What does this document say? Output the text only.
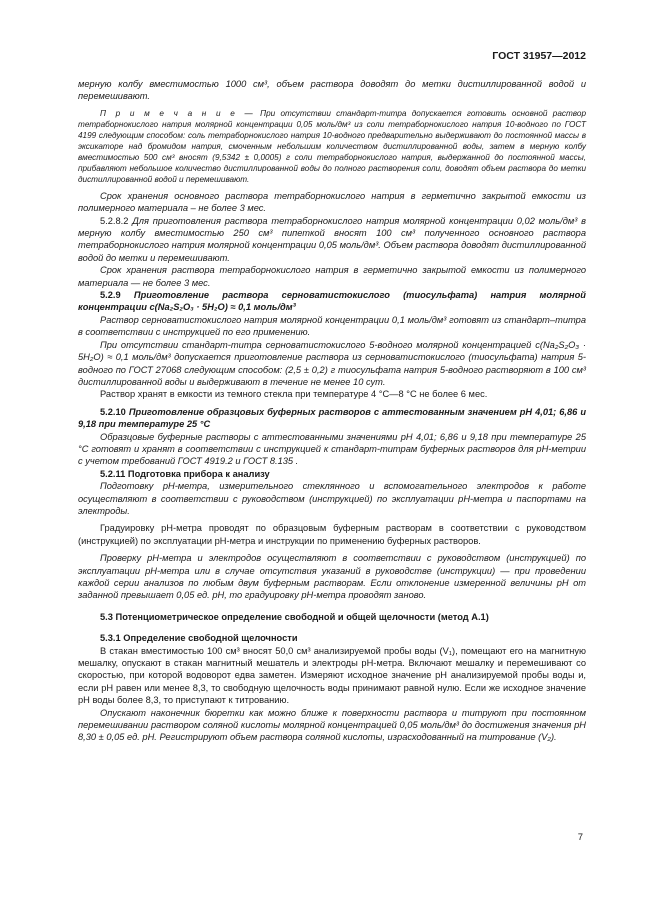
ГОСТ 31957—2012

мерную колбу вместимостью 1000 см³, объем раствора доводят до метки дистиллированной водой и перемешивают.

П р и м е ч а н и е — При отсутствии стандарт-титра допускается готовить основной раствор тетраборнокислого натрия молярной концентрации 0,05 моль/дм³ из соли тетраборнокислого натрия 10-водного по ГОСТ 4199 следующим способом: соль тетраборнокислого натрия 10-водного предварительно выдерживают до постоянной массы в эксикаторе над бромидом натрия, смоченным небольшим количеством дистиллированной воды, затем в мерную колбу вместимостью 500 см³ вносят (9,5342 ± 0,0005) г соли тетраборнокислого натрия, выдержанной до постоянной массы, прибавляют небольшое количество дистиллированной воды до полного растворения соли, доводят объем раствора до метки дистиллированной водой и перемешивают.

Срок хранения основного раствора тетраборнокислого натрия в герметично закрытой емкости из полимерного материала – не более 3 мес.

5.2.8.2 Для приготовления раствора тетраборнокислого натрия молярной концентрации 0,02 моль/дм³ в мерную колбу вместимостью 250 см³ пипеткой вносят 100 см³ полученного основного раствора тетраборнокислого натрия молярной концентрации 0,05 моль/дм³. Объем раствора доводят дистиллированной водой до метки и перемешивают.

Срок хранения раствора тетраборнокислого натрия в герметично закрытой емкости из полимерного материала — не более 3 мес.

5.2.9 Приготовление раствора серноватистокислого (тиосульфата) натрия молярной концентрации c(Na₂S₂O₃ · 5H₂O) ≈ 0,1 моль/дм³

Раствор серноватистокислого натрия молярной концентрации 0,1 моль/дм³ готовят из стандарт–титра в соответствии с инструкцией по его применению.

При отсутствии стандарт-титра серноватистокислого 5-водного молярной концентрацией c(Na₂S₂O₃ · 5H₂O) ≈ 0,1 моль/дм³ допускается приготовление раствора из серноватистокислого (тиосульфата) натрия 5-водного по ГОСТ 27068 следующим способом: (2,5 ± 0,2) г тиосульфата натрия 5-водного растворяют в 100 см³ дистиллированной воды и выдерживают в течение не менее 10 сут.

Раствор хранят в емкости из темного стекла при температуре 4 °С—8 °С не более 6 мес.

5.2.10 Приготовление образцовых буферных растворов с аттестованным значением рН 4,01; 6,86 и 9,18 при температуре 25 °С

Образцовые буферные растворы с аттестованными значениями рН 4,01; 6,86 и 9,18 при температуре 25 °С готовят и хранят в соответствии с инструкцией к стандарт-титрам буферных растворов для рН-метрии с учетом требований ГОСТ 4919.2 и ГОСТ 8.135 .

5.2.11 Подготовка прибора к анализу

Подготовку рН-метра, измерительного стеклянного и вспомогательного электродов к работе осуществляют в соответствии с руководством (инструкцией) по эксплуатации рН-метра и паспортами на электроды.

Градуировку рН-метра проводят по образцовым буферным растворам в соответствии с руководством (инструкцией) по эксплуатации рН-метра и инструкции по применению буферных растворов.

Проверку рН-метра и электродов осуществляют в соответствии с руководством (инструкцией) по эксплуатации рН-метра или в случае отсутствия указаний в руководстве (инструкции) — при проведении каждой серии анализов по любым двум буферным растворам. Если отклонение измеренной величины рН от заданной превышает 0,05 ед. рН, то градуировку рН-метра проводят заново.

5.3 Потенциометрическое определение свободной и общей щелочности (метод А.1)

5.3.1 Определение свободной щелочности

В стакан вместимостью 100 см³ вносят 50,0 см³ анализируемой пробы воды (V₁), помещают его на магнитную мешалку, опускают в стакан магнитный мешатель и электроды рН-метра. Включают мешалку и перемешивают со скоростью, при которой водоворот едва заметен. Измеряют исходное значение рН анализируемой пробы воды и, если рН равен или менее 8,3, то свободную щелочность воды принимают равной нулю. Если же исходное значение рН воды более 8,3, то приступают к титрованию.

Опускают наконечник бюретки как можно ближе к поверхности раствора и титруют при постоянном перемешивании раствором соляной кислоты молярной концентрацией 0,05 моль/дм³ до достижения значения рН 8,30 ± 0,05 ед. рН. Регистрируют объем раствора соляной кислоты, израсходованный на титрование (V₂).

7
